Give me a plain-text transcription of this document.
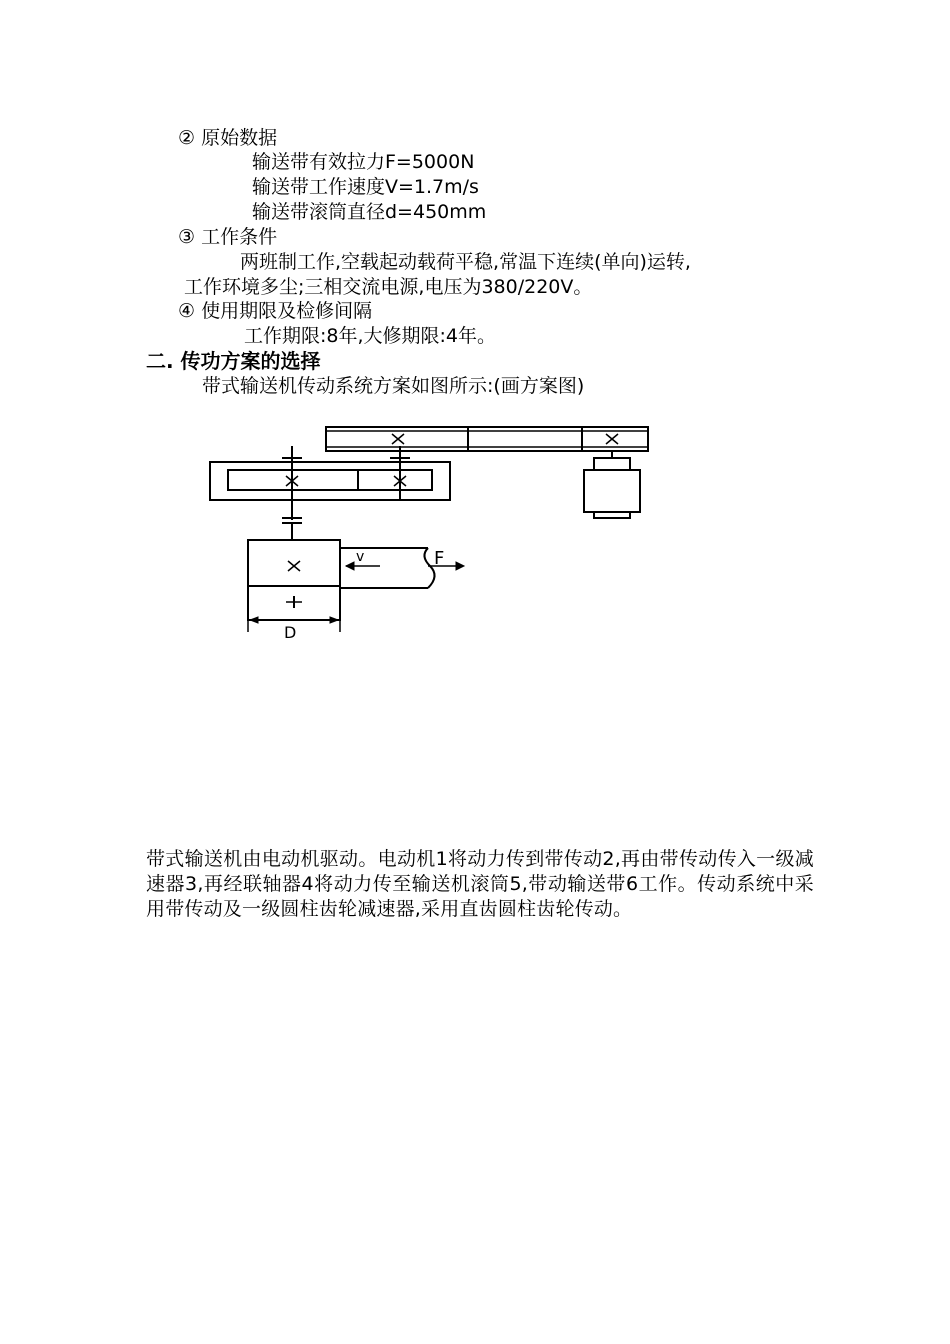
② 原始数据
输送带有效拉力F=5000N
输送带工作速度V=1.7m/s
输送带滚筒直径d=450mm
③ 工作条件
两班制工作,空载起动载荷平稳,常温下连续(单向)运转,
工作环境多尘;三相交流电源,电压为380/220V。
④ 使用期限及检修间隔
工作期限:8年,大修期限:4年。
二. 传功方案的选择
带式输送机传动系统方案如图所示:(画方案图)
v	F
D
带式输送机由电动机驱动。电动机1将动力传到带传动2,再由带传动传入一级减速器3,再经联轴器4将动力传至输送机滚筒5,带动输送带6工作。传动系统中采用带传动及一级圆柱齿轮减速器,采用直齿圆柱齿轮传动。
